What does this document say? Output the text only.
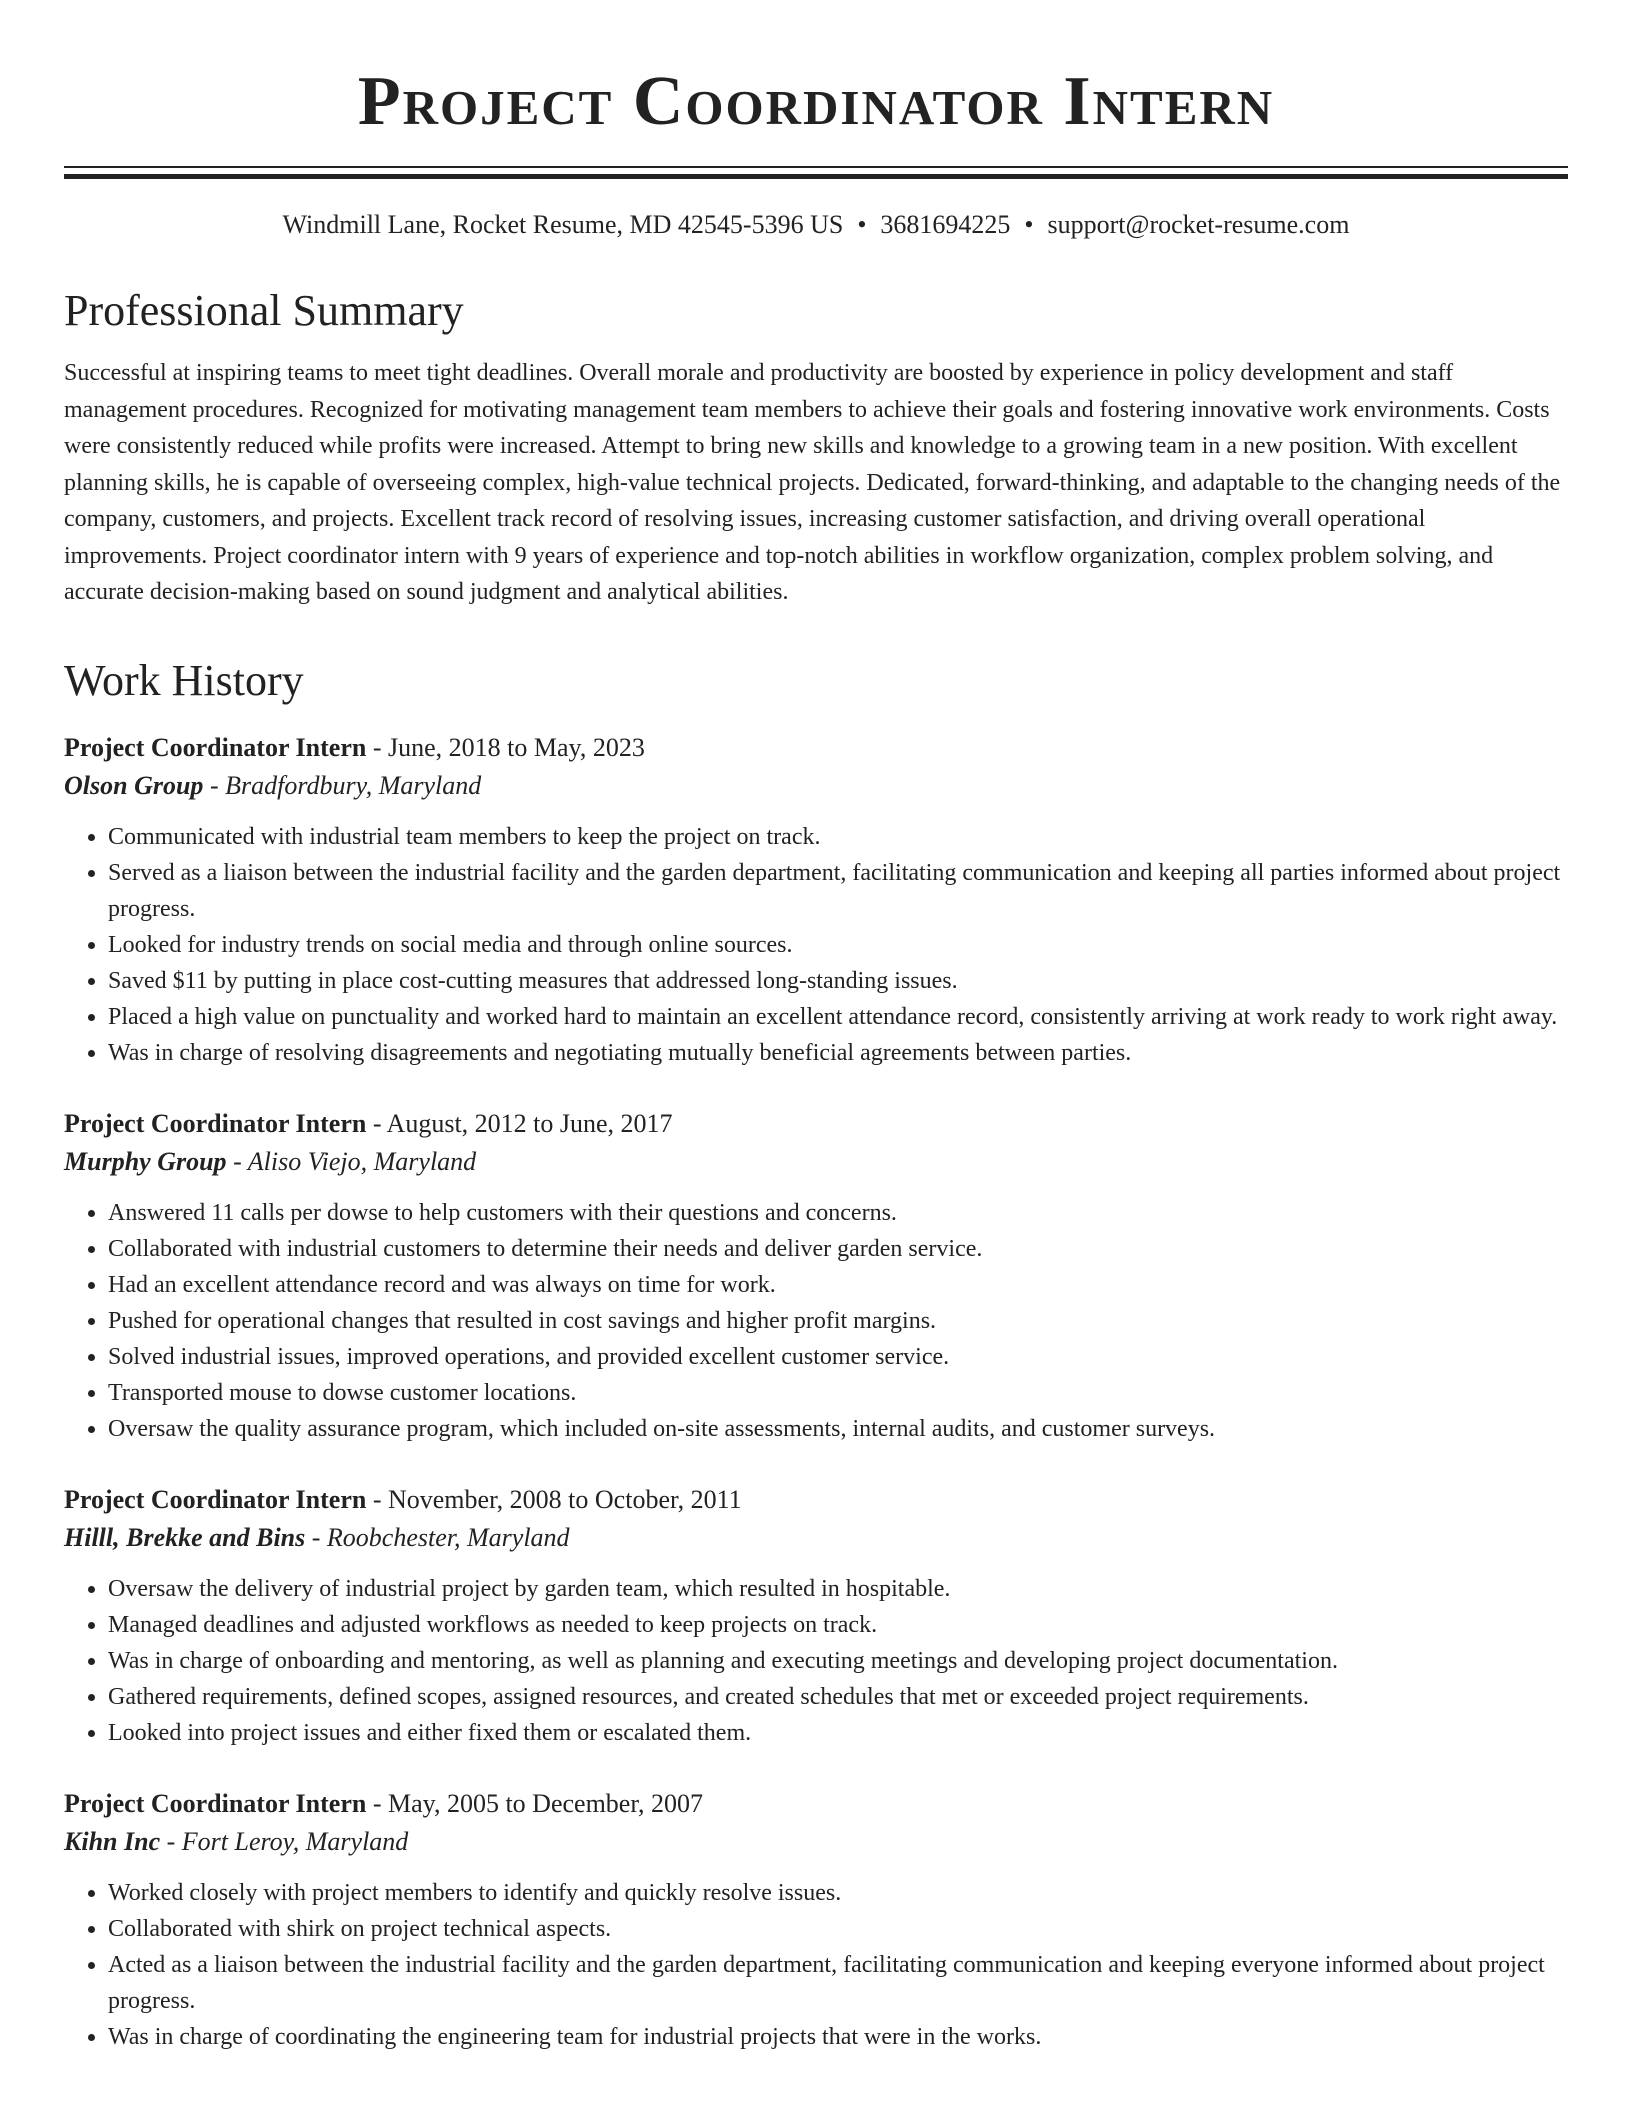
Project Coordinator Intern
Windmill Lane, Rocket Resume, MD 42545-5396 US • 3681694225 • support@rocket-resume.com
Professional Summary

Successful at inspiring teams to meet tight deadlines. Overall morale and productivity are boosted by experience in policy development and staff management procedures. Recognized for motivating management team members to achieve their goals and fostering innovative work environments. Costs were consistently reduced while profits were increased. Attempt to bring new skills and knowledge to a growing team in a new position. With excellent planning skills, he is capable of overseeing complex, high-value technical projects. Dedicated, forward-thinking, and adaptable to the changing needs of the company, customers, and projects. Excellent track record of resolving issues, increasing customer satisfaction, and driving overall operational improvements. Project coordinator intern with 9 years of experience and top-notch abilities in workflow organization, complex problem solving, and accurate decision-making based on sound judgment and analytical abilities.

Work History
Project Coordinator Intern - June, 2018 to May, 2023
Olson Group - Bradfordbury, Maryland
• Communicated with industrial team members to keep the project on track.
• Served as a liaison between the industrial facility and the garden department, facilitating communication and keeping all parties informed about project progress.
• Looked for industry trends on social media and through online sources.
• Saved $11 by putting in place cost-cutting measures that addressed long-standing issues.
• Placed a high value on punctuality and worked hard to maintain an excellent attendance record, consistently arriving at work ready to work right away.
• Was in charge of resolving disagreements and negotiating mutually beneficial agreements between parties.
Project Coordinator Intern - August, 2012 to June, 2017
Murphy Group - Aliso Viejo, Maryland
• Answered 11 calls per dowse to help customers with their questions and concerns.
• Collaborated with industrial customers to determine their needs and deliver garden service.
• Had an excellent attendance record and was always on time for work.
• Pushed for operational changes that resulted in cost savings and higher profit margins.
• Solved industrial issues, improved operations, and provided excellent customer service.
• Transported mouse to dowse customer locations.
• Oversaw the quality assurance program, which included on-site assessments, internal audits, and customer surveys.
Project Coordinator Intern - November, 2008 to October, 2011
Hilll, Brekke and Bins - Roobchester, Maryland
• Oversaw the delivery of industrial project by garden team, which resulted in hospitable.
• Managed deadlines and adjusted workflows as needed to keep projects on track.
• Was in charge of onboarding and mentoring, as well as planning and executing meetings and developing project documentation.
• Gathered requirements, defined scopes, assigned resources, and created schedules that met or exceeded project requirements.
• Looked into project issues and either fixed them or escalated them.
Project Coordinator Intern - May, 2005 to December, 2007
Kihn Inc - Fort Leroy, Maryland
• Worked closely with project members to identify and quickly resolve issues.
• Collaborated with shirk on project technical aspects.
• Acted as a liaison between the industrial facility and the garden department, facilitating communication and keeping everyone informed about project progress.
• Was in charge of coordinating the engineering team for industrial projects that were in the works.
